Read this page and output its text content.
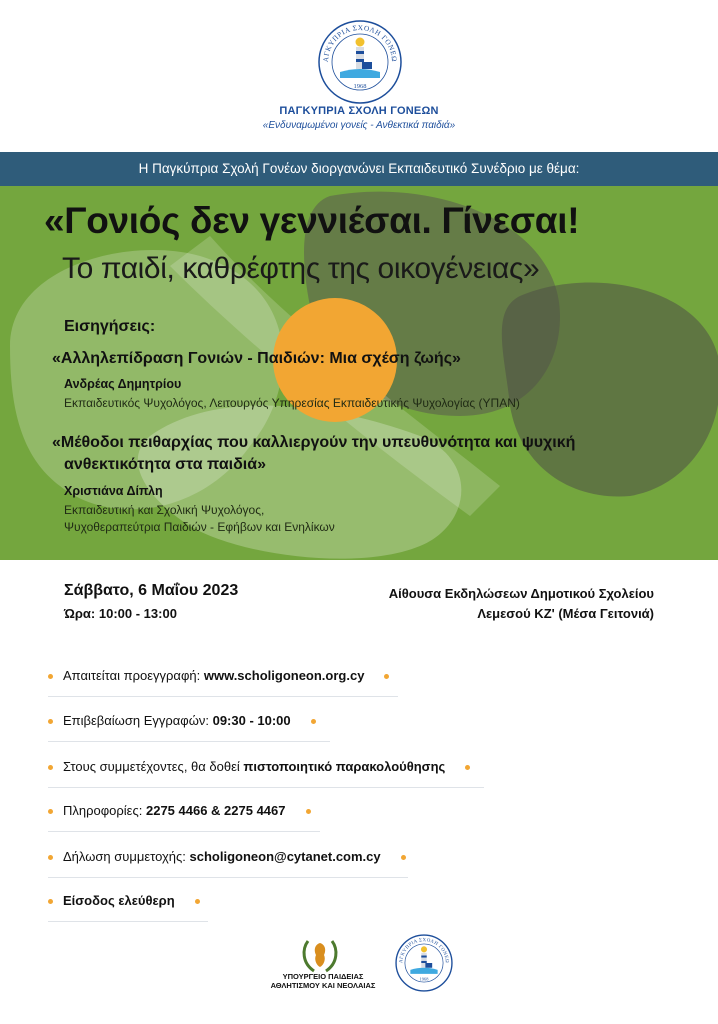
ΑΓΚΥΠΡΙΑ ΣΧΟΛΗ ΓΟΝΕΩ
1968
ΠΑΓΚΥΠΡΙΑ ΣΧΟΛΗ ΓΟΝΕΩΝ
«Ενδυναμωμένοι γονείς - Ανθεκτικά παιδιά»
Η Παγκύπρια Σχολή Γονέων διοργανώνει Εκπαιδευτικό Συνέδριο με θέμα:
«Γονιός δεν γεννιέσαι. Γίνεσαι!
Το παιδί, καθρέφτης της οικογένειας»
Εισηγήσεις:
«Αλληλεπίδραση Γονιών - Παιδιών: Μια σχέση ζωής»
Ανδρέας Δημητρίου
Εκπαιδευτικός Ψυχολόγος, Λειτουργός Υπηρεσίας Εκπαιδευτικής Ψυχολογίας (ΥΠΑΝ)
«Μέθοδοι πειθαρχίας που καλλιεργούν την υπευθυνότητα και ψυχική
ανθεκτικότητα στα παιδιά»
Χριστιάνα Δίπλη
Εκπαιδευτική και Σχολική Ψυχολόγος,
Ψυχοθεραπεύτρια Παιδιών - Εφήβων και Ενηλίκων
Σάββατο, 6 Μαΐου 2023
Ώρα: 10:00 - 13:00
Αίθουσα Εκδηλώσεων Δημοτικού Σχολείου
Λεμεσού ΚΖ' (Μέσα Γειτονιά)
Απαιτείται προεγγραφή: www.scholigoneon.org.cy
Επιβεβαίωση Εγγραφών: 09:30 - 10:00
Στους συμμετέχοντες, θα δοθεί πιστοποιητικό παρακολούθησης
Πληροφορίες: 2275 4466 & 2275 4467
Δήλωση συμμετοχής: scholigoneon@cytanet.com.cy
Είσοδος ελεύθερη
ΥΠΟΥΡΓΕΙΟ ΠΑΙΔΕΙΑΣ
ΑΘΛΗΤΙΣΜΟΥ ΚΑΙ ΝΕΟΛΑΙΑΣ
ΑΓΚΥΠΡΙΑ ΣΧΟΛΗ ΓΟΝΕΩ
1968
